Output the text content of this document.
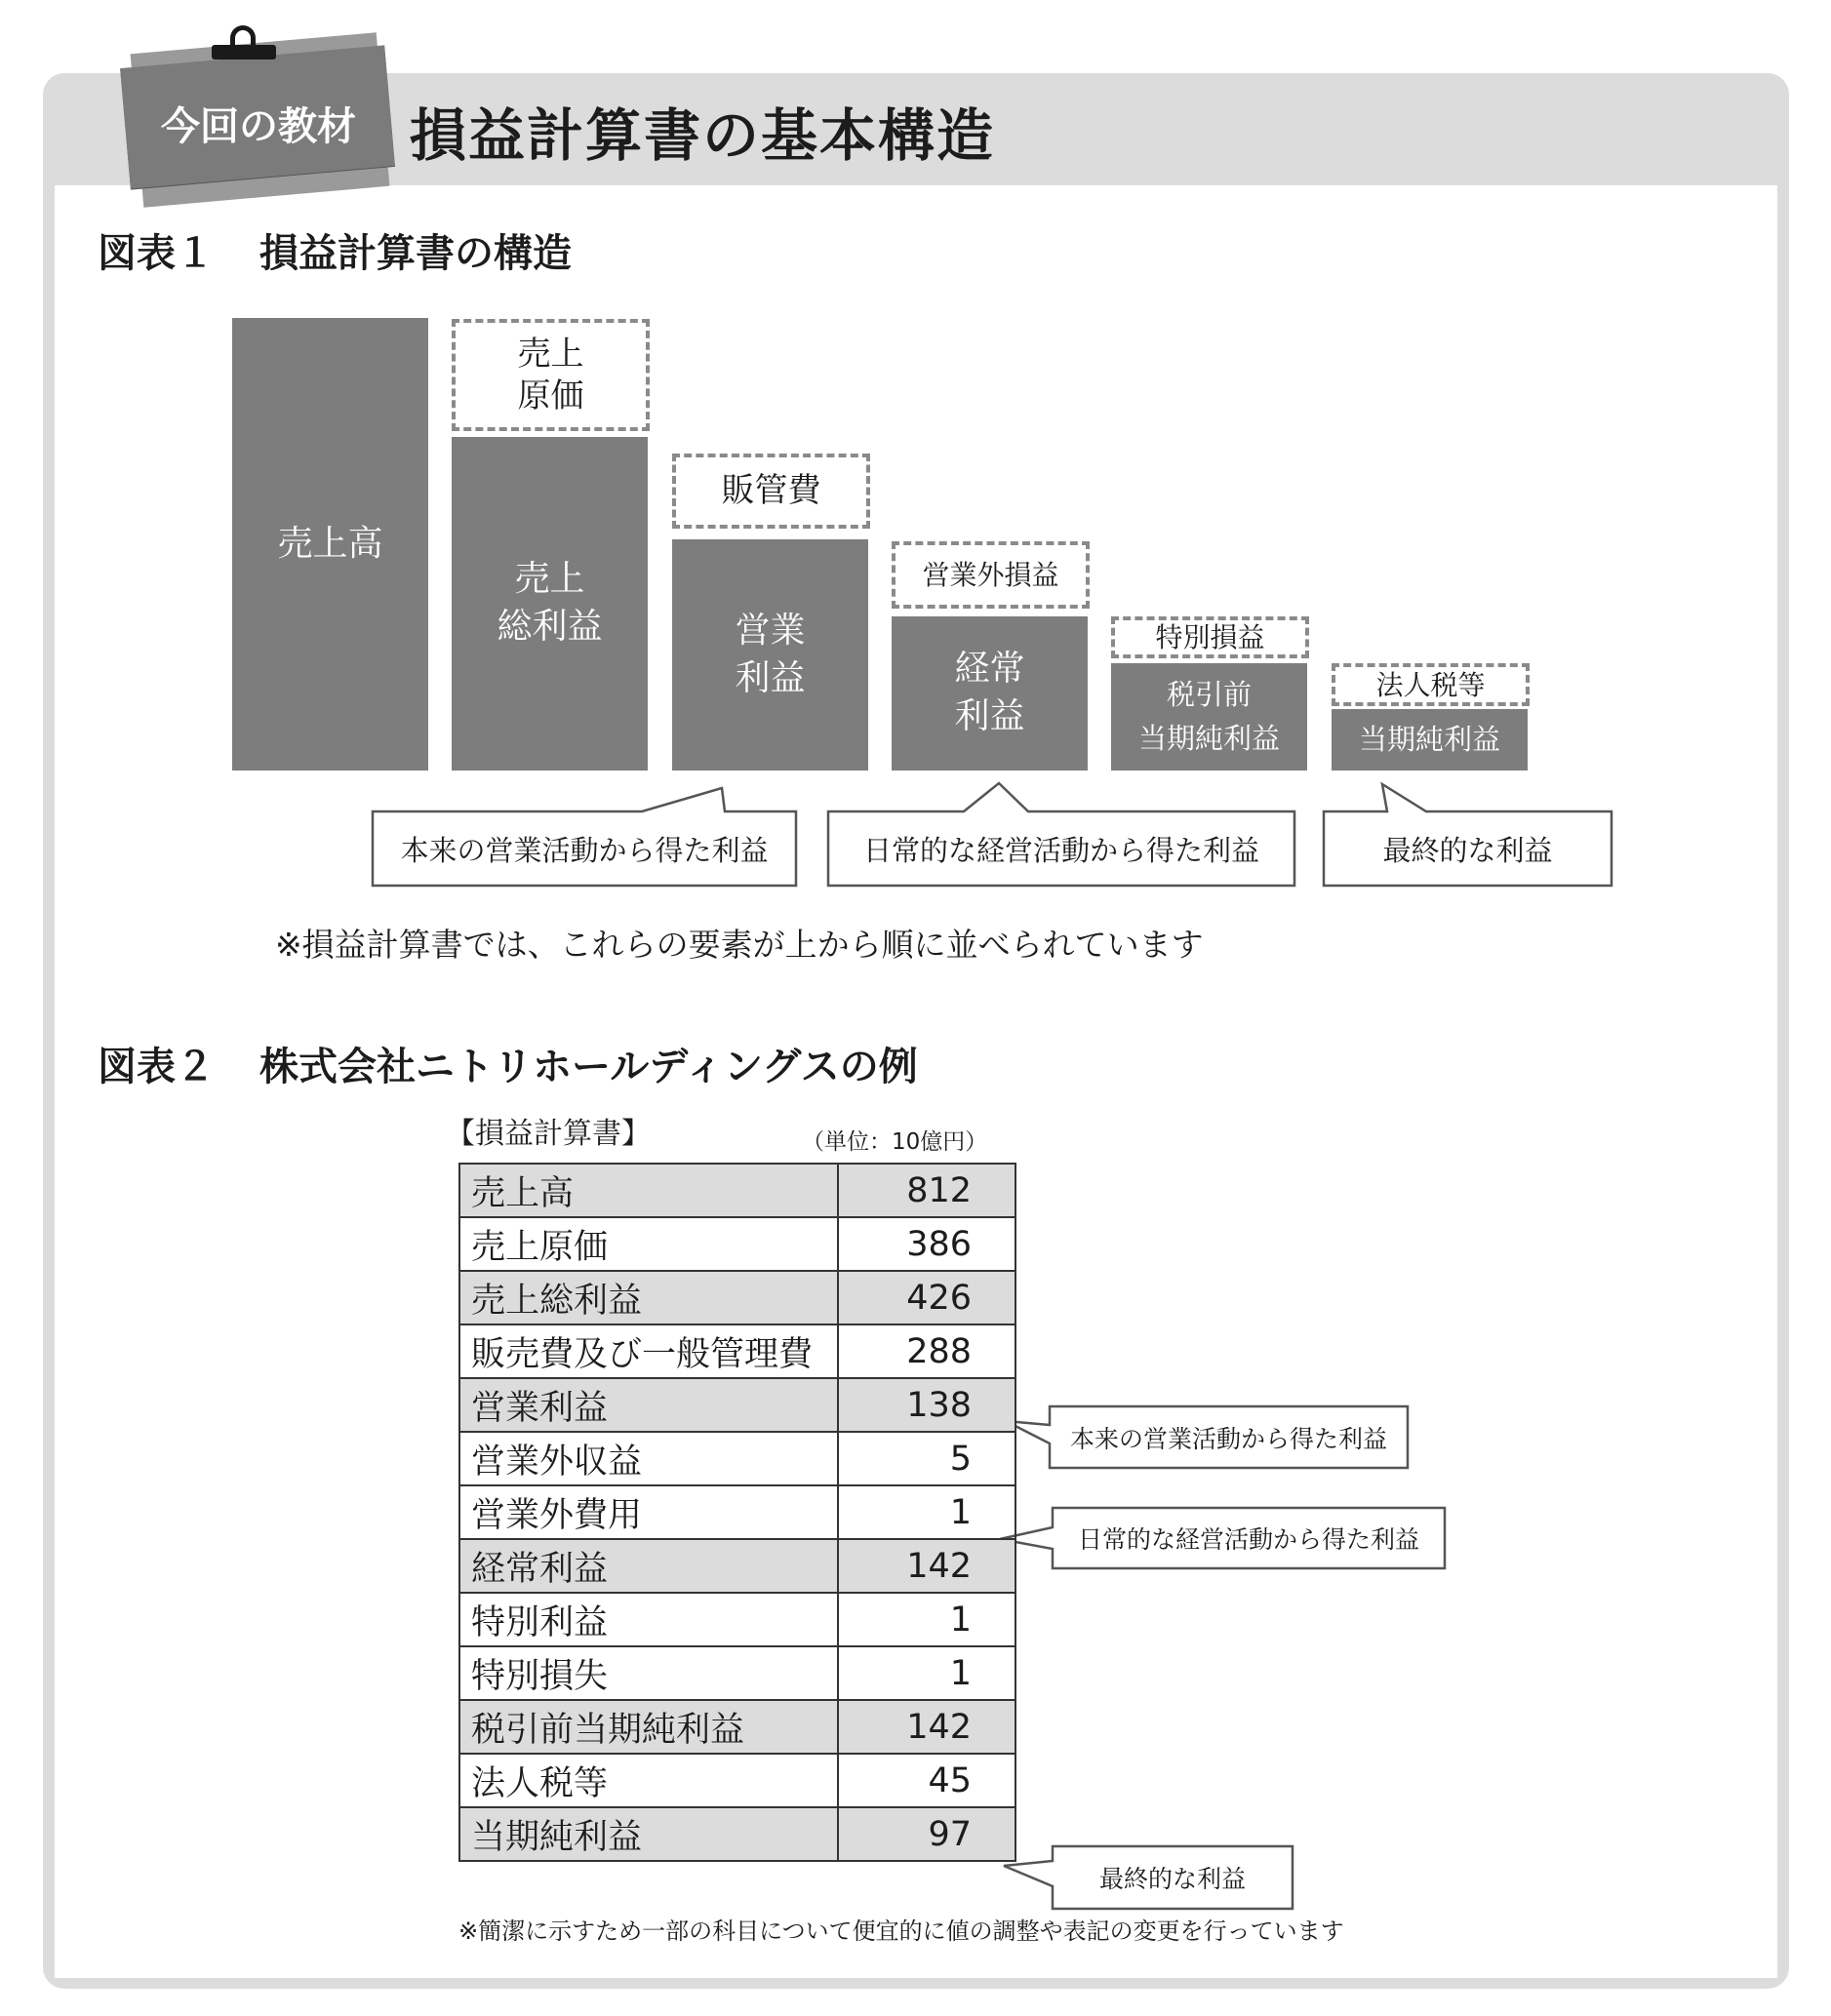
今回の教材 損益計算書の基本構造
図表１ 損益計算書の構造
売上高
売上
総利益	営業
利益	経常
利益
税引前
当期純利益	当期純利益
売上
原価
販管費
営業外損益
特別損益
法人税等
本来の営業活動から得た利益	日常的な経営活動から得た利益	最終的な利益
※損益計算書では、これらの要素が上から順に並べられています
図表２ 株式会社ニトリホールディングスの例
【損益計算書】	（単位：10億円）
売上高	812
売上原価	386
売上総利益	426
販売費及び一般管理費	288
営業利益	138
営業外収益	5
営業外費用	1
経常利益	142
特別利益	1
特別損失	1
税引前当期純利益	142
法人税等	45
当期純利益	97
本来の営業活動から得た利益
日常的な経営活動から得た利益
最終的な利益
※簡潔に示すため一部の科目について便宜的に値の調整や表記の変更を行っています
